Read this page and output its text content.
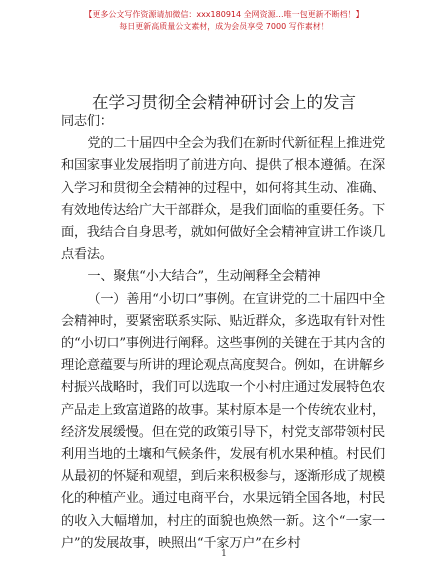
【更多公文写作资源请加微信：xxx180914 全网资源…唯一包更新不断档！】
每日更新高质量公文素材，成为会员享受 7000 写作素材！
在学习贯彻全会精神研讨会上的发言

同志们：

党的二十届四中全会为我们在新时代新征程上推进党和国家事业发展指明了前进方向、提供了根本遵循。在深入学习和贯彻全会精神的过程中，如何将其生动、准确、有效地传达给广大干部群众，是我们面临的重要任务。下面，我结合自身思考，就如何做好全会精神宣讲工作谈几点看法。

一、聚焦“小大结合”，生动阐释全会精神

（一）善用“小切口”事例。在宣讲党的二十届四中全会精神时，要紧密联系实际、贴近群众，多选取有针对性的“小切口”事例进行阐释。这些事例的关键在于其内含的理论意蕴要与所讲的理论观点高度契合。例如，在讲解乡村振兴战略时，我们可以选取一个小村庄通过发展特色农产品走上致富道路的故事。某村原本是一个传统农业村，经济发展缓慢。但在党的政策引导下，村党支部带领村民利用当地的土壤和气候条件，发展有机水果种植。村民们从最初的怀疑和观望，到后来积极参与，逐渐形成了规模化的种植产业。通过电商平台，水果远销全国各地，村民的收入大幅增加，村庄的面貌也焕然一新。这个“一家一户”的发展故事，映照出“千家万户”在乡村

1
